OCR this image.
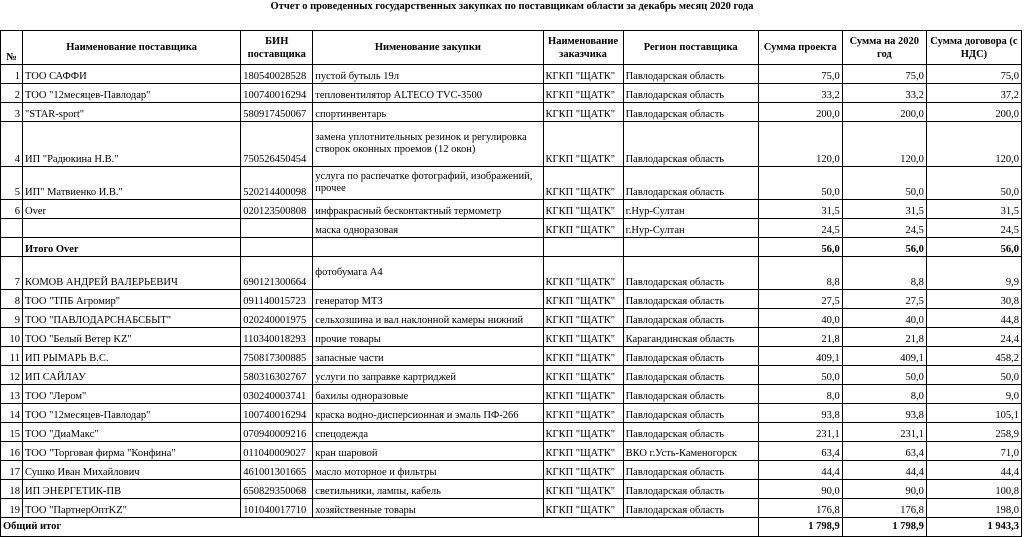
Отчет о проведенных государственных закупках по поставщикам области за декабрь месяц 2020 года
№	Наименование поставщика	БИН поставщика	Нименование закупки	Наименование заказчика	Регион поставщика	Сумма проекта	Сумма на 2020 год	Сумма договора (с НДС)
1	ТОО САФФИ	180540028528	пустой бутыль 19л	КГКП "ЩАТК"	Павлодарская область	75,0	75,0	75,0
2	ТОО "12месяцев-Павлодар"	100740016294	тепловентилятор ALTECO TVC-3500	КГКП "ЩАТК"	Павлодарская область	33,2	33,2	37,2
3	"STAR-sport"	580917450067	спортинвентарь	КГКП "ЩАТК"	Павлодарская область	200,0	200,0	200,0
4	ИП "Радюкина Н.В."	750526450454	замена уплотнительных резинок и регулировка створок оконных проемов (12 окон)	КГКП "ЩАТК"	Павлодарская область	120,0	120,0	120,0
5	ИП" Матвиенко И.В."	520214400098	услуга по распечатке фотографий, изображений, прочее	КГКП "ЩАТК"	Павлодарская область	50,0	50,0	50,0
6	Over	020123500808	инфракрасный бесконтактный термометр	КГКП "ЩАТК"	г.Нур-Султан	31,5	31,5	31,5
			маска одноразовая	КГКП "ЩАТК"	г.Нур-Султан	24,5	24,5	24,5
	Итого Over					56,0	56,0	56,0
7	КОМОВ АНДРЕЙ ВАЛЕРЬЕВИЧ	690121300664	фотобумага А4	КГКП "ЩАТК"	Павлодарская область	8,8	8,8	9,9
8	ТОО "ТПБ Агромир"	091140015723	генератор МТЗ	КГКП "ЩАТК"	Павлодарская область	27,5	27,5	30,8
9	ТОО "ПАВЛОДАРСНАБСБЫТ"	020240001975	сельхозшина и вал наклонной камеры нижний	КГКП "ЩАТК"	Павлодарская область	40,0	40,0	44,8
10	ТОО "Белый Ветер KZ"	110340018293	прочие товары	КГКП "ЩАТК"	Карагандинская область	21,8	21,8	24,4
11	ИП РЫМАРЬ В.С.	750817300885	запасные части	КГКП "ЩАТК"	Павлодарская область	409,1	409,1	458,2
12	ИП САЙЛАУ	580316302767	услуги по заправке картриджей	КГКП "ЩАТК"	Павлодарская область	50,0	50,0	50,0
13	ТОО "Лером"	030240003741	бахилы одноразовые	КГКП "ЩАТК"	Павлодарская область	8,0	8,0	9,0
14	ТОО "12месяцев-Павлодар"	100740016294	краска водно-дисперсионная и эмаль ПФ-266	КГКП "ЩАТК"	Павлодарская область	93,8	93,8	105,1
15	ТОО "ДиаМакс"	070940009216	спецодежда	КГКП "ЩАТК"	Павлодарская область	231,1	231,1	258,9
16	ТОО "Торговая фирма "Конфина"	011040009027	кран шаровой	КГКП "ЩАТК"	ВКО г.Усть-Каменогорск	63,4	63,4	71,0
17	Сушко Иван Михайлович	461001301665	масло моторное и фильтры	КГКП "ЩАТК"	Павлодарская область	44,4	44,4	44,4
18	ИП ЭНЕРГЕТИК-ПВ	650829350068	светильники, лампы, кабель	КГКП "ЩАТК"	Павлодарская область	90,0	90,0	100,8
19	ТОО "ПартнерОптKZ"	101040017710	хозяйственные товары	КГКП "ЩАТК"	Павлодарская область	176,8	176,8	198,0
Общий итог						1 798,9	1 798,9	1 943,3
